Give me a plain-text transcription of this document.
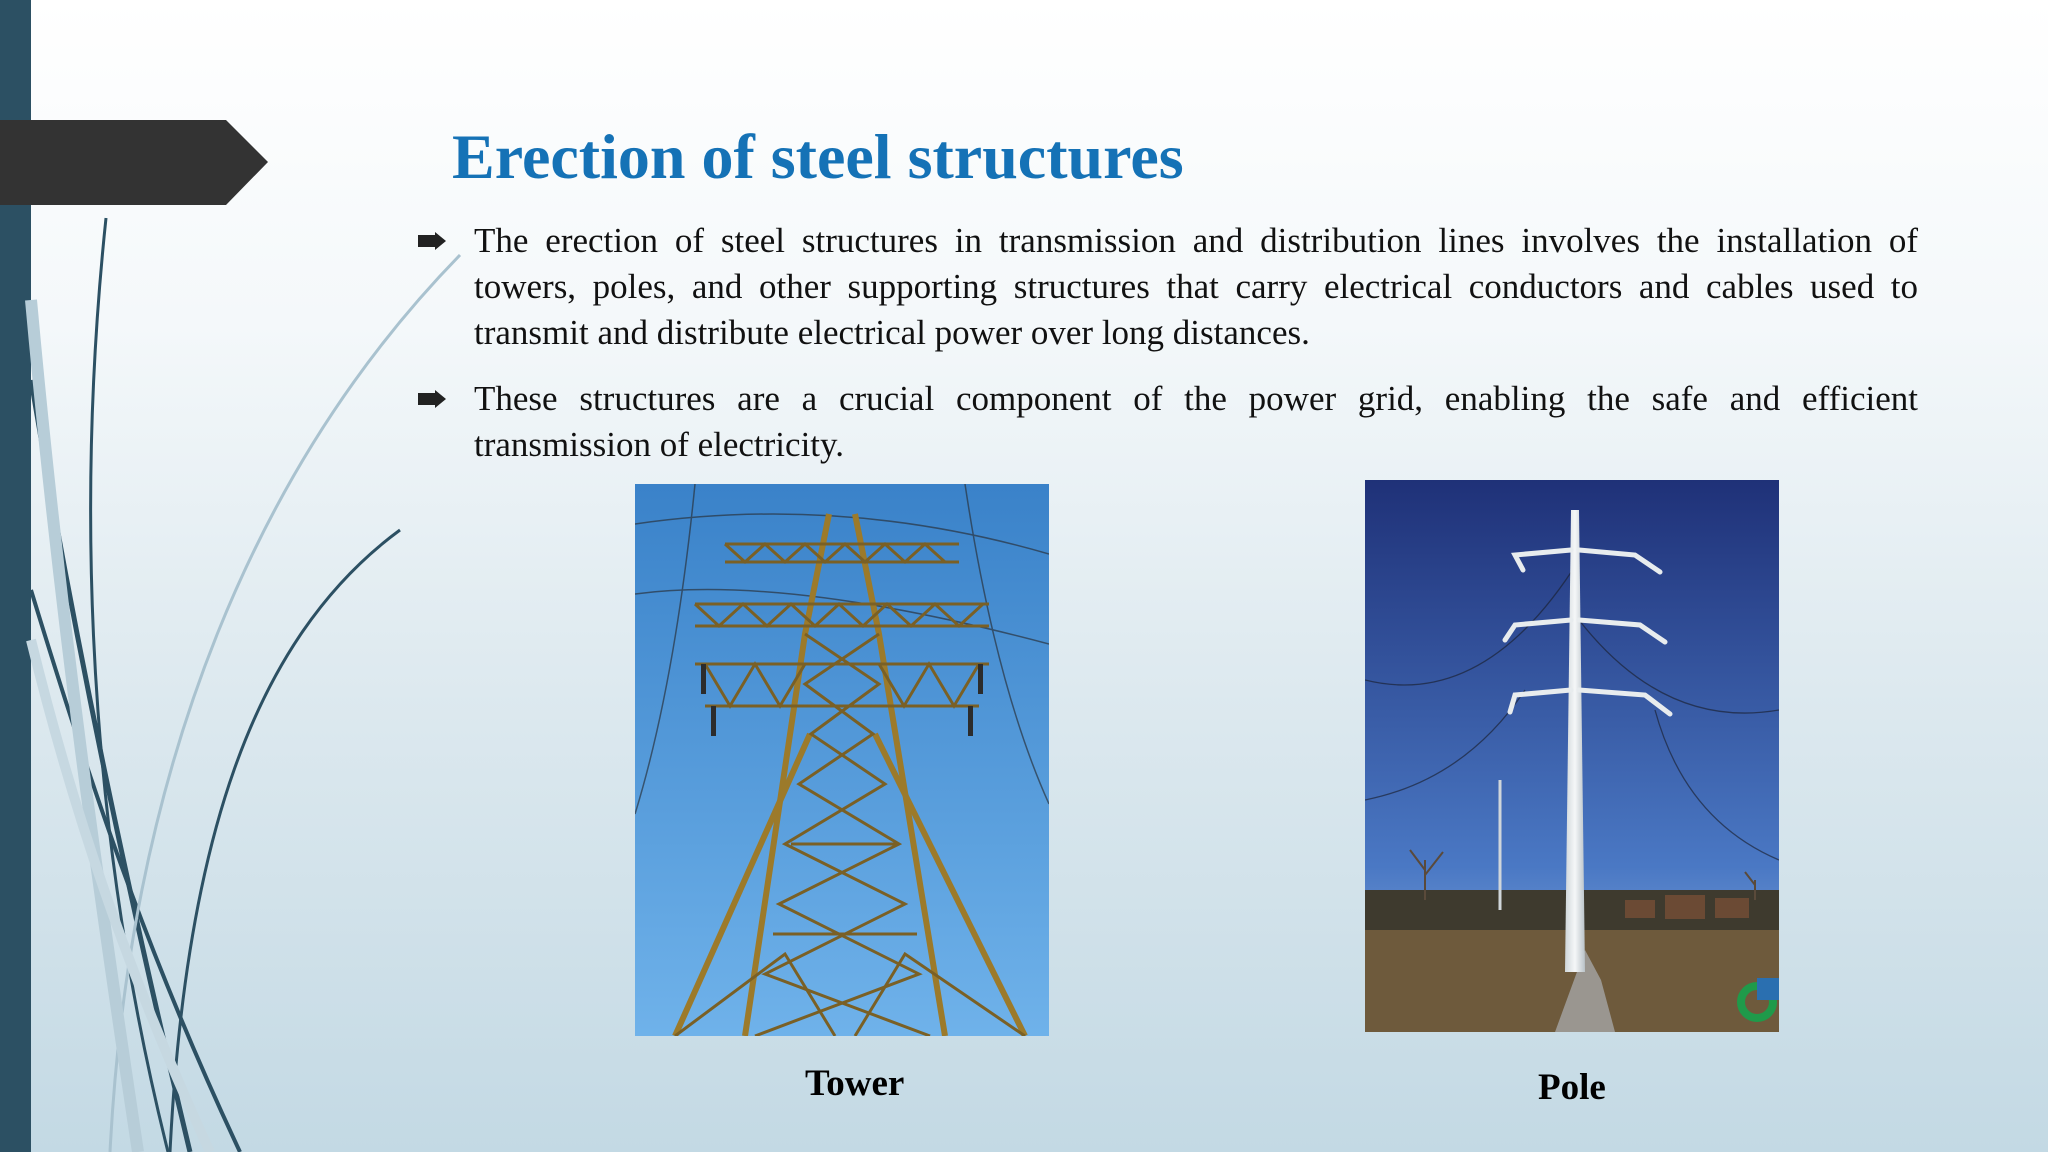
Erection of steel structures
The erection of steel structures in transmission and distribution lines involves the installation of towers, poles, and other supporting structures that carry electrical conductors and cables used to transmit and distribute electrical power over long distances.
These structures are a crucial component of the power grid, enabling the safe and efficient transmission of electricity.
Tower	Pole
